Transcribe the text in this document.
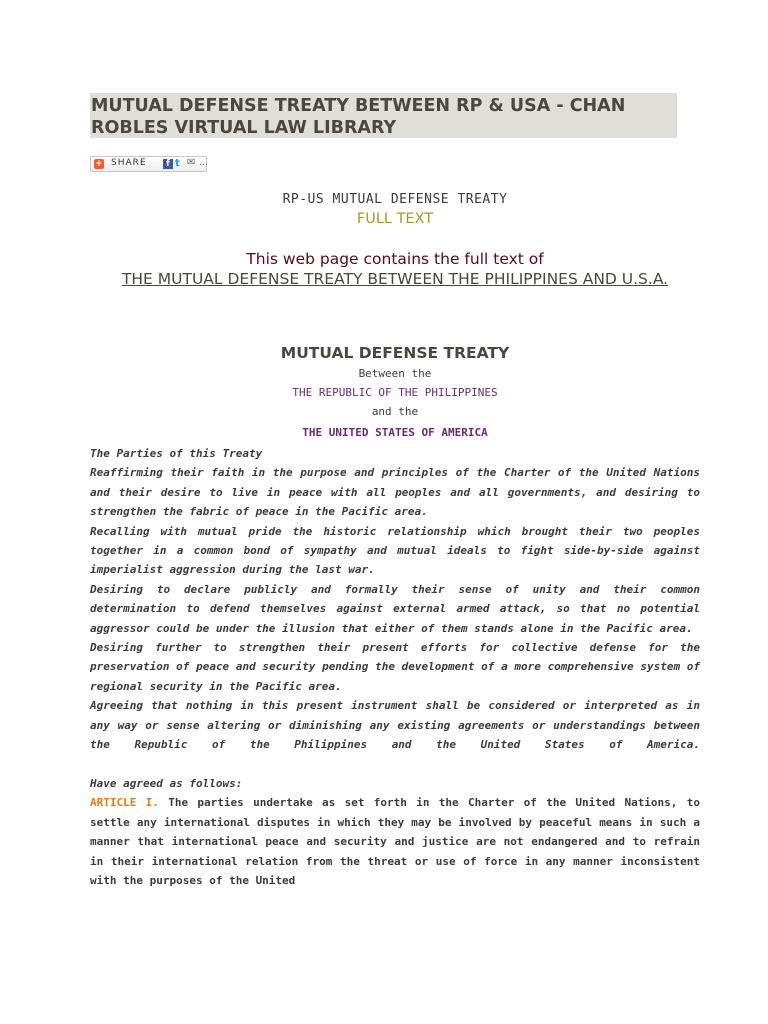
MUTUAL DEFENSE TREATY BETWEEN RP & USA - CHAN ROBLES VIRTUAL LAW LIBRARY
+ SHARE	f t ✉ …
RP-US MUTUAL DEFENSE TREATY
FULL TEXT
This web page contains the full text of
THE MUTUAL DEFENSE TREATY BETWEEN THE PHILIPPINES AND U.S.A.
MUTUAL DEFENSE TREATY
Between the
THE REPUBLIC OF THE PHILIPPINES
and the
THE UNITED STATES OF AMERICA

The Parties of this Treaty

Reaffirming their faith in the purpose and principles of the Charter of the United Nations and their desire to live in peace with all peoples and all governments, and desiring to strengthen the fabric of peace in the Pacific area.

Recalling with mutual pride the historic relationship which brought their two peoples together in a common bond of sympathy and mutual ideals to fight side-by-side against imperialist aggression during the last war.

Desiring to declare publicly and formally their sense of unity and their common determination to defend themselves against external armed attack, so that no potential aggressor could be under the illusion that either of them stands alone in the Pacific area.

Desiring further to strengthen their present efforts for collective defense for the preservation of peace and security pending the development of a more comprehensive system of regional security in the Pacific area.

Agreeing that nothing in this present instrument shall be considered or interpreted as in any way or sense altering or diminishing any existing agreements or understandings between the Republic of the Philippines and the United States of America.

Have agreed as follows:

ARTICLE I. The parties undertake as set forth in the Charter of the United Nations, to settle any international disputes in which they may be involved by peaceful means in such a manner that international peace and security and justice are not endangered and to refrain in their international relation from the threat or use of force in any manner inconsistent with the purposes of the United
